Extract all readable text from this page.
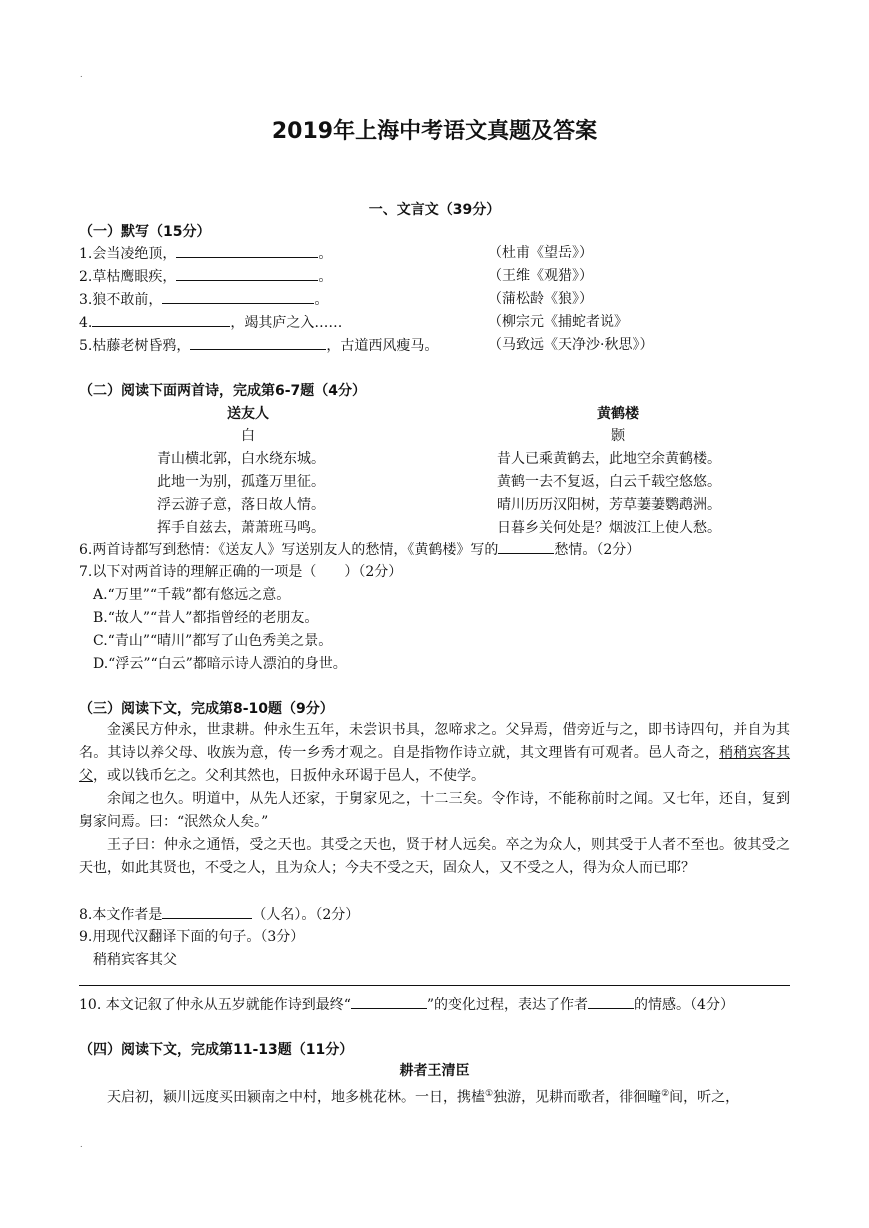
.
2019年上海中考语文真题及答案
一、文言文（39分）
（一）默写（15分）
1.会当凌绝顶，	。	（杜甫《望岳》）
2.草枯鹰眼疾，	。	（王维《观猎》）
3.狼不敢前，	。	（蒲松龄《狼》）
4.	，竭其庐之入……	（柳宗元《捕蛇者说》
5.枯藤老树昏鸦，	，古道西风瘦马。	（马致远《天净沙·秋思》）
（二）阅读下面两首诗，完成第6-7题（4分）
送友人
白
青山横北郭，白水绕东城。
此地一为别，孤蓬万里征。
浮云游子意，落日故人情。
挥手自兹去，萧萧班马鸣。
黄鹤楼
颢
昔人已乘黄鹤去，此地空余黄鹤楼。
黄鹤一去不复返，白云千载空悠悠。
晴川历历汉阳树，芳草萋萋鹦鹉洲。
日暮乡关何处是？烟波江上使人愁。
6.两首诗都写到愁情：《送友人》写送别友人的愁情，《黄鹤楼》写的	愁情。（2分）
7.以下对两首诗的理解正确的一项是（　　）（2分）
A.“万里”“千载”都有悠远之意。
B.“故人”“昔人”都指曾经的老朋友。
C.“青山”“晴川”都写了山色秀美之景。
D.“浮云”“白云”都暗示诗人漂泊的身世。
（三）阅读下文，完成第8-10题（9分）

金溪民方仲永，世隶耕。仲永生五年，未尝识书具，忽啼求之。父异焉，借旁近与之，即书诗四句，并自为其名。其诗以养父母、收族为意，传一乡秀才观之。自是指物作诗立就，其文理皆有可观者。邑人奇之，稍稍宾客其父，或以钱币乞之。父利其然也，日扳仲永环谒于邑人，不使学。

余闻之也久。明道中，从先人还家，于舅家见之，十二三矣。令作诗，不能称前时之闻。又七年，还自，复到舅家问焉。曰：“泯然众人矣。”

王子曰：仲永之通悟，受之天也。其受之天也，贤于材人远矣。卒之为众人，则其受于人者不至也。彼其受之天也，如此其贤也，不受之人，且为众人；今夫不受之天，固众人，又不受之人，得为众人而已耶？

8.本文作者是	（人名）。（2分）
9.用现代汉翻译下面的句子。（3分）
稍稍宾客其父
10. 本文记叙了仲永从五岁就能作诗到最终“	”的变化过程，表达了作者	的情感。（4分）
（四）阅读下文，完成第11-13题（11分）
耕者王清臣
天启初，颍川远度买田颍南之中村，地多桃花林。一日，携榼①独游，见耕而歌者，徘徊疃②间，听之，
.
